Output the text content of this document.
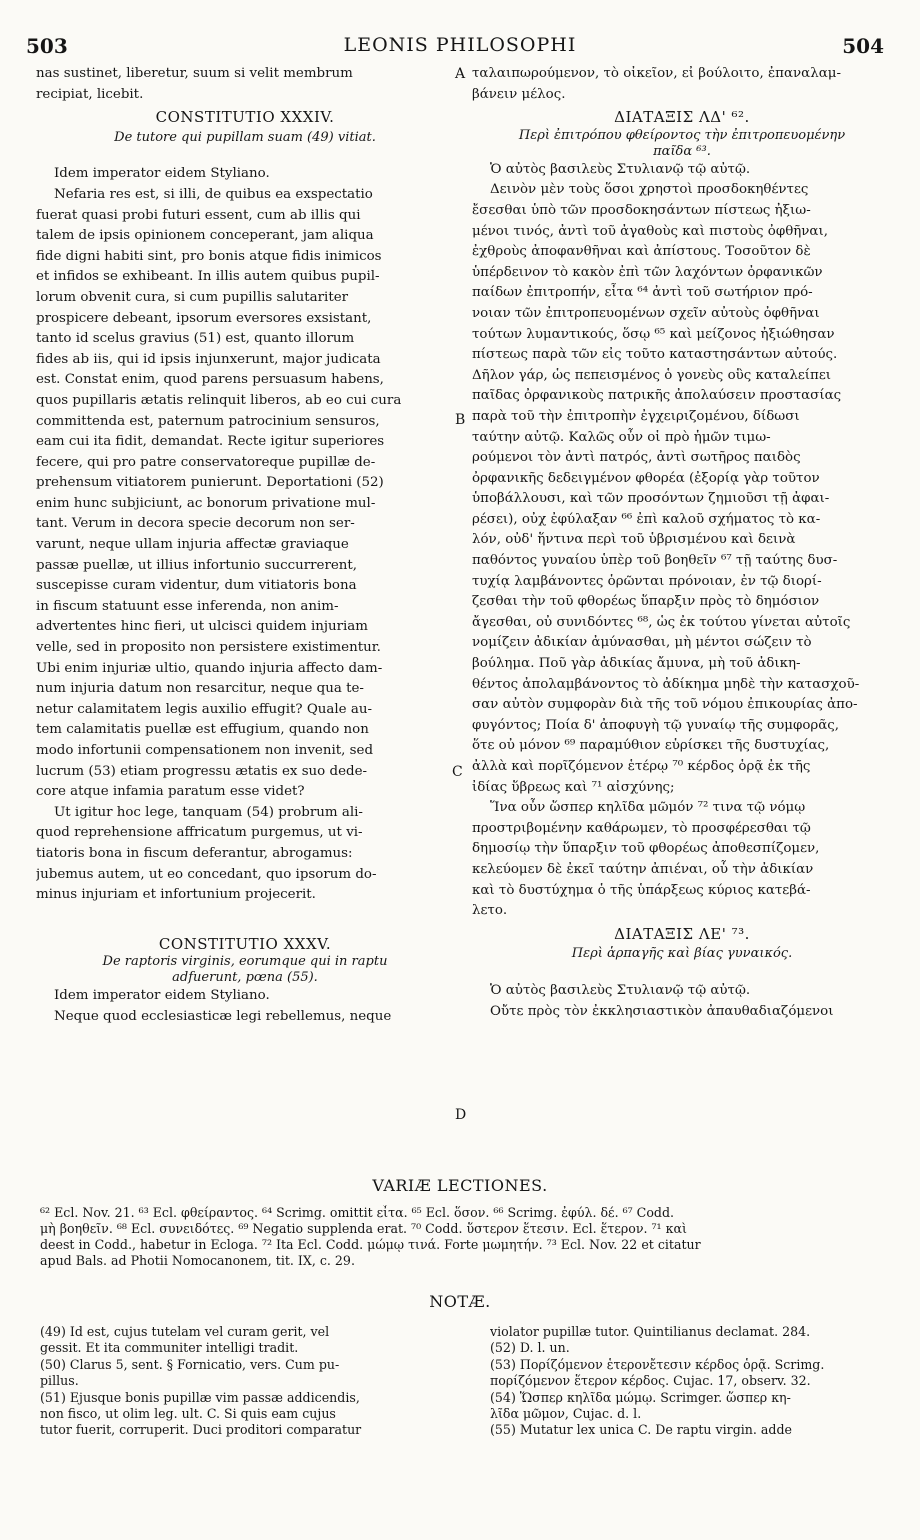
503	LEONIS PHILOSOPHI	504
A
B
C
D
nas sustinet, liberetur, suum si velit membrum
recipiat, licebit.
CONSTITUTIO XXXIV.
De tutore qui pupillam suam (49) vitiat.
Idem imperator eidem Styliano.
Nefaria res est, si illi, de quibus ea exspectatio
fuerat quasi probi futuri essent, cum ab illis qui
talem de ipsis opinionem conceperant, jam aliqua
fide digni habiti sint, pro bonis atque fidis inimicos
et infidos se exhibeant. In illis autem quibus pupil-
lorum obvenit cura, si cum pupillis salutariter
prospicere debeant, ipsorum eversores exsistant,
tanto id scelus gravius (51) est, quanto illorum
fides ab iis, qui id ipsis injunxerunt, major judicata
est. Constat enim, quod parens persuasum habens,
quos pupillaris ætatis relinquit liberos, ab eo cui cura
committenda est, paternum patrocinium sensuros,
eam cui ita fidit, demandat. Recte igitur superiores
fecere, qui pro patre conservatoreque pupillæ de-
prehensum vitiatorem punierunt. Deportationi (52)
enim hunc subjiciunt, ac bonorum privatione mul-
tant. Verum in decora specie decorum non ser-
varunt, neque ullam injuria affectæ graviaque
passæ puellæ, ut illius infortunio succurrerent,
suscepisse curam videntur, dum vitiatoris bona
in fiscum statuunt esse inferenda, non anim-
advertentes hinc fieri, ut ulcisci quidem injuriam
velle, sed in proposito non persistere existimentur.
Ubi enim injuriæ ultio, quando injuria affecto dam-
num injuria datum non resarcitur, neque qua te-
netur calamitatem legis auxilio effugit? Quale au-
tem calamitatis puellæ est effugium, quando non
modo infortunii compensationem non invenit, sed
lucrum (53) etiam progressu ætatis ex suo dede-
core atque infamia paratum esse videt?
Ut igitur hoc lege, tanquam (54) probrum ali-
quod reprehensione affricatum purgemus, ut vi-
tiatoris bona in fiscum deferantur, abrogamus:
jubemus autem, ut eo concedant, quo ipsorum do-
minus injuriam et infortunium projecerit.
CONSTITUTIO XXXV.
De raptoris virginis, eorumque qui in raptu
adfuerunt, pœna (55).
Idem imperator eidem Styliano.
Neque quod ecclesiasticæ legi rebellemus, neque
ταλαιπωρούμενον, τὸ οἰκεῖον, εἰ βούλοιτο, ἐπαναλαμ-
βάνειν μέλος.
ΔΙΑΤΑΞΙΣ ΛΔ' ⁶².
Περὶ ἐπιτρόπου φθείροντος τὴν ἐπιτροπευομένην
παῖδα ⁶³.
Ὁ αὐτὸς βασιλεὺς Στυλιανῷ τῷ αὐτῷ.
Δεινὸν μὲν τοὺς ὅσοι χρηστοὶ προσδοκηθέντες
ἔσεσθαι ὑπὸ τῶν προσδοκησάντων πίστεως ἠξιω-
μένοι τινός, ἀντὶ τοῦ ἀγαθοὺς καὶ πιστοὺς ὀφθῆναι,
ἐχθροὺς ἀποφανθῆναι καὶ ἀπίστους. Τοσοῦτον δὲ
ὑπέρδεινον τὸ κακὸν ἐπὶ τῶν λαχόντων ὀρφανικῶν
παίδων ἐπιτροπήν, εἶτα ⁶⁴ ἀντὶ τοῦ σωτήριον πρό-
νοιαν τῶν ἐπιτροπευομένων σχεῖν αὐτοὺς ὀφθῆναι
τούτων λυμαντικούς, ὅσῳ ⁶⁵ καὶ μείζονος ἠξιώθησαν
πίστεως παρὰ τῶν εἰς τοῦτο καταστησάντων αὐτούς.
Δῆλον γάρ, ὡς πεπεισμένος ὁ γονεὺς οὓς καταλείπει
παῖδας ὀρφανικοὺς πατρικῆς ἀπολαύσειν προστασίας
παρὰ τοῦ τὴν ἐπιτροπὴν ἐγχειριζομένου, δίδωσι
ταύτην αὐτῷ. Καλῶς οὖν οἱ πρὸ ἡμῶν τιμω-
ρούμενοι τὸν ἀντὶ πατρός, ἀντὶ σωτῆρος παιδὸς
ὀρφανικῆς δεδειγμένον φθορέα (ἐξορίᾳ γὰρ τοῦτον
ὑποβάλλουσι, καὶ τῶν προσόντων ζημιοῦσι τῇ ἀφαι-
ρέσει), οὐχ ἐφύλαξαν ⁶⁶ ἐπὶ καλοῦ σχήματος τὸ κα-
λόν, οὐδ' ἥντινα περὶ τοῦ ὑβρισμένου καὶ δεινὰ
παθόντος γυναίου ὑπὲρ τοῦ βοηθεῖν ⁶⁷ τῇ ταύτης δυσ-
τυχίᾳ λαμβάνοντες ὁρῶνται πρόνοιαν, ἐν τῷ διορί-
ζεσθαι τὴν τοῦ φθορέως ὕπαρξιν πρὸς τὸ δημόσιον
ἄγεσθαι, οὐ συνιδόντες ⁶⁸, ὡς ἐκ τούτου γίνεται αὐτοῖς
νομίζειν ἀδικίαν ἀμύνασθαι, μὴ μέντοι σώζειν τὸ
βούλημα. Ποῦ γὰρ ἀδικίας ἄμυνα, μὴ τοῦ ἀδικη-
θέντος ἀπολαμβάνοντος τὸ ἀδίκημα μηδὲ τὴν κατασχοῦ-
σαν αὐτὸν συμφορὰν διὰ τῆς τοῦ νόμου ἐπικουρίας ἀπο-
φυγόντος; Ποία δ' ἀποφυγὴ τῷ γυναίῳ τῆς συμφορᾶς,
ὅτε οὐ μόνον ⁶⁹ παραμύθιον εὑρίσκει τῆς δυστυχίας,
ἀλλὰ καὶ πορῖζόμενον ἑτέρῳ ⁷⁰ κέρδος ὁρᾷ ἐκ τῆς
ἰδίας ὕβρεως καὶ ⁷¹ αἰσχύνης;
Ἵνα οὖν ὥσπερ κηλῖδα μῶμόν ⁷² τινα τῷ νόμῳ
προστριβομένην καθάρωμεν, τὸ προσφέρεσθαι τῷ
δημοσίῳ τὴν ὕπαρξιν τοῦ φθορέως ἀποθεσπίζομεν,
κελεύομεν δὲ ἐκεῖ ταύτην ἀπιέναι, οὗ τὴν ἀδικίαν
καὶ τὸ δυστύχημα ὁ τῆς ὑπάρξεως κύριος κατεβά-
λετο.
ΔΙΑΤΑΞΙΣ ΛΕ' ⁷³.
Περὶ ἁρπαγῆς καὶ βίας γυναικός.
Ὁ αὐτὸς βασιλεὺς Στυλιανῷ τῷ αὐτῷ.
Οὔτε πρὸς τὸν ἐκκλησιαστικὸν ἀπαυθαδιαζόμενοι
VARIÆ LECTIONES.
⁶² Ecl. Nov. 21. ⁶³ Ecl. φθείραντος. ⁶⁴ Scrimg. omittit εἶτα. ⁶⁵ Ecl. ὅσον. ⁶⁶ Scrimg. ἐφύλ. δέ. ⁶⁷ Codd.
μὴ βοηθεῖν. ⁶⁸ Ecl. συνειδότες. ⁶⁹ Negatio supplenda erat. ⁷⁰ Codd. ὕστερον ἕτεσιν. Ecl. ἕτερον. ⁷¹ καὶ
deest in Codd., habetur in Ecloga. ⁷² Ita Ecl. Codd. μώμῳ τινά. Forte μωμητήν. ⁷³ Ecl. Nov. 22 et citatur
apud Bals. ad Photii Nomocanonem, tit. IX, c. 29.
NOTÆ.
(49) Id est, cujus tutelam vel curam gerit, vel
gessit. Et ita communiter intelligi tradit.
(50) Clarus 5, sent. § Fornicatio, vers. Cum pu-
pillus.
(51) Ejusque bonis pupillæ vim passæ addicendis,
non fisco, ut olim leg. ult. C. Si quis eam cujus
tutor fuerit, corruperit. Duci proditori comparatur
violator pupillæ tutor. Quintilianus declamat. 284.
(52) D. l. un.
(53) Πορίζόμενον ἑτερονἔτεσιν κέρδος ὁρᾷ. Scrimg.
πορίζόμενον ἕτερον κέρδος. Cujac. 17, observ. 32.
(54) Ὥσπερ κηλῖδα μώμῳ. Scrimger. ὥσπερ κη-
λῖδα μῶμον, Cujac. d. l.
(55) Mutatur lex unica C. De raptu virgin. adde
